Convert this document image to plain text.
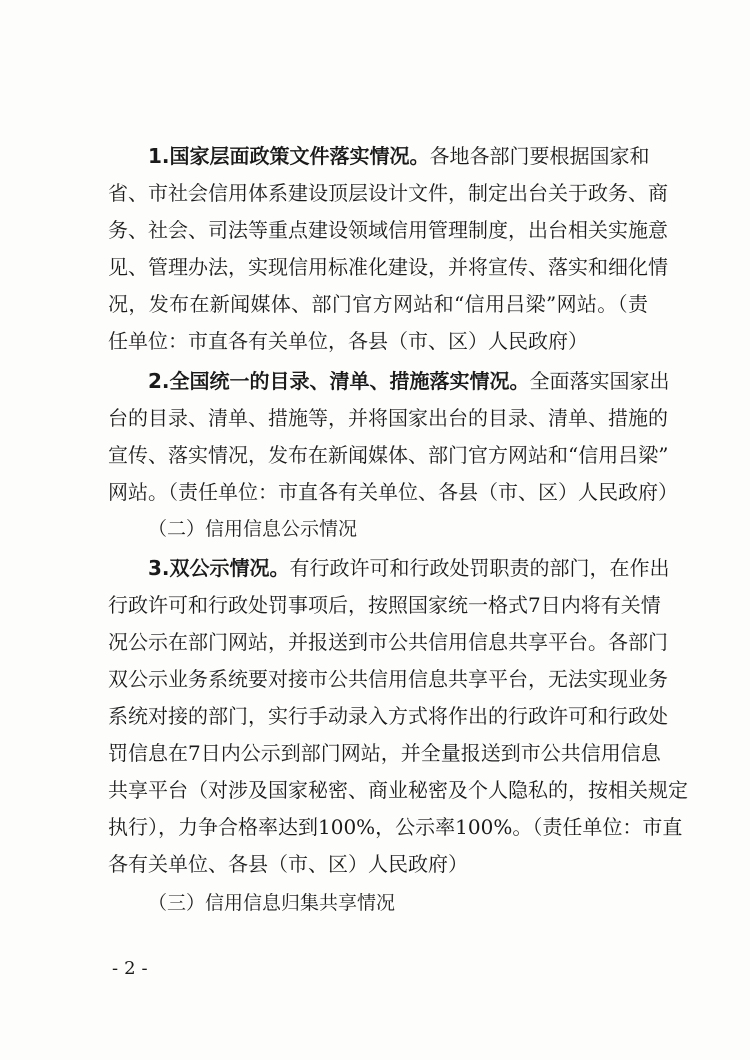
1.国家层面政策文件落实情况。各地各部门要根据国家和
省、市社会信用体系建设顶层设计文件，制定出台关于政务、商
务、社会、司法等重点建设领域信用管理制度，出台相关实施意
见、管理办法，实现信用标准化建设，并将宣传、落实和细化情
况，发布在新闻媒体、部门官方网站和“信用吕梁”网站。（责
任单位：市直各有关单位，各县（市、区）人民政府）
2.全国统一的目录、清单、措施落实情况。全面落实国家出
台的目录、清单、措施等，并将国家出台的目录、清单、措施的
宣传、落实情况，发布在新闻媒体、部门官方网站和“信用吕梁”
网站。（责任单位：市直各有关单位、各县（市、区）人民政府）
（二）信用信息公示情况
3.双公示情况。有行政许可和行政处罚职责的部门，在作出
行政许可和行政处罚事项后，按照国家统一格式7日内将有关情
况公示在部门网站，并报送到市公共信用信息共享平台。各部门
双公示业务系统要对接市公共信用信息共享平台，无法实现业务
系统对接的部门，实行手动录入方式将作出的行政许可和行政处
罚信息在7日内公示到部门网站，并全量报送到市公共信用信息
共享平台（对涉及国家秘密、商业秘密及个人隐私的，按相关规定
执行），力争合格率达到100%，公示率100%。（责任单位：市直
各有关单位、各县（市、区）人民政府）
（三）信用信息归集共享情况
-2-
